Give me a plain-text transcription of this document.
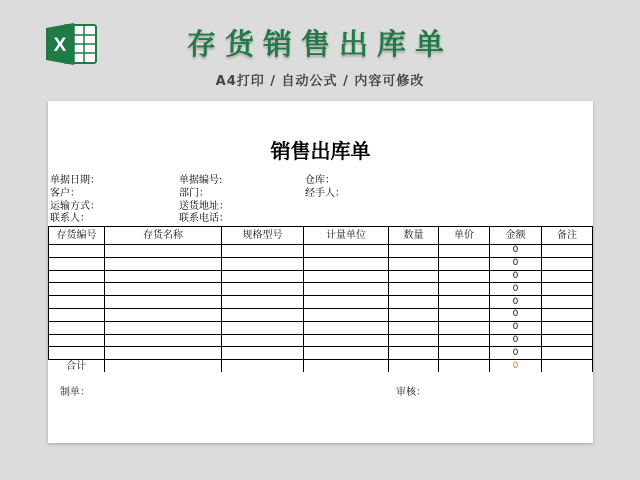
X	存货销售出库单
A4打印 / 自动公式 / 内容可修改
销售出库单
单据日期：	单据编号:	仓库：
客户：	部门：	经手人：
运输方式：	送货地址：
联系人：	联系电话：
存货编号	存货名称	规格型号	计量单位	数量	单价	金额	备注
						0	
						0	
						0	
						0	
						0	
						0	
						0	
						0	
						0	
合计						0	
制单：	审核：
